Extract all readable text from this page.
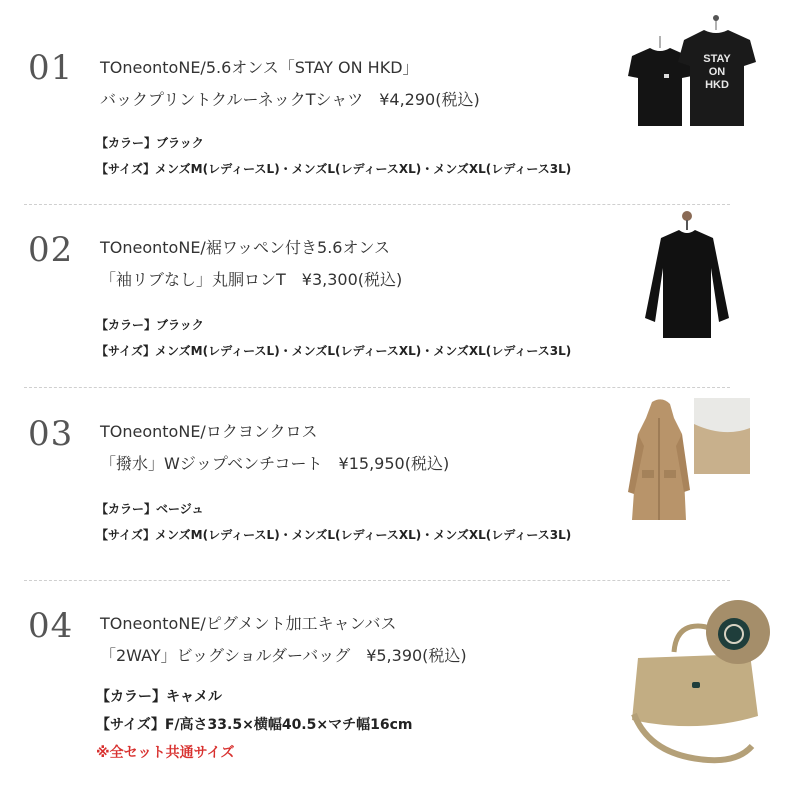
01 TOneontoNE/5.6オンス「STAY ON HKD」
バックプリントクルーネックTシャツ　¥4,290(税込)
【カラー】ブラック
【サイズ】メンズM(レディースL)・メンズL(レディースXL)・メンズXL(レディース3L)
STAY
ON
HKD
02 TOneontoNE/裾ワッペン付き5.6オンス
「袖リブなし」丸胴ロンT　¥3,300(税込)
【カラー】ブラック
【サイズ】メンズM(レディースL)・メンズL(レディースXL)・メンズXL(レディース3L)
03 TOneontoNE/ロクヨンクロス
「撥水」Wジップベンチコート　¥15,950(税込)
【カラー】ベージュ
【サイズ】メンズM(レディースL)・メンズL(レディースXL)・メンズXL(レディース3L)
04 TOneontoNE/ピグメント加工キャンバス
「2WAY」ビッグショルダーバッグ　¥5,390(税込)
【カラー】キャメル
【サイズ】F/高さ33.5×横幅40.5×マチ幅16cm
※全セット共通サイズ
